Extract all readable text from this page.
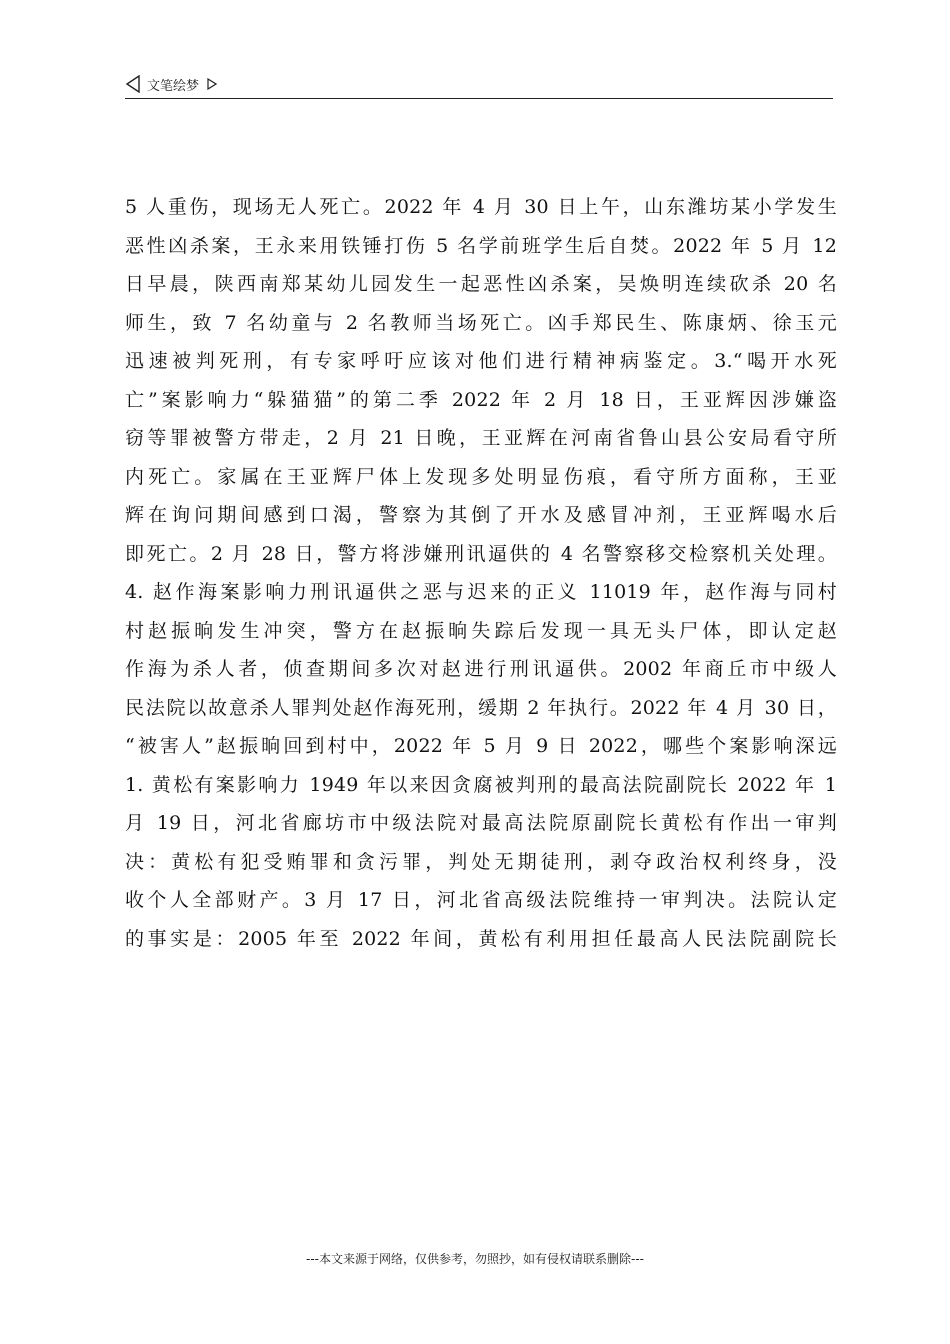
文笔绘梦
5 人重伤，现场无人死亡。2022 年 4 月 30 日上午，山东潍坊某小学发生
恶性凶杀案，王永来用铁锤打伤 5 名学前班学生后自焚。2022 年 5 月 12
日早晨，陕西南郑某幼儿园发生一起恶性凶杀案，吴焕明连续砍杀 20 名
师生，致 7 名幼童与 2 名教师当场死亡。凶手郑民生、陈康炳、徐玉元
迅速被判死刑，有专家呼吁应该对他们进行精神病鉴定。3.“喝开水死
亡”案影响力“躲猫猫”的第二季 2022 年 2 月 18 日，王亚辉因涉嫌盗
窃等罪被警方带走，2 月 21 日晚，王亚辉在河南省鲁山县公安局看守所
内死亡。家属在王亚辉尸体上发现多处明显伤痕，看守所方面称，王亚
辉在询问期间感到口渴，警察为其倒了开水及感冒冲剂，王亚辉喝水后
即死亡。2 月 28 日，警方将涉嫌刑讯逼供的 4 名警察移交检察机关处理。
4. 赵作海案影响力刑讯逼供之恶与迟来的正义 11019 年，赵作海与同村
村赵振晌发生冲突，警方在赵振晌失踪后发现一具无头尸体，即认定赵
作海为杀人者，侦查期间多次对赵进行刑讯逼供。2002 年商丘市中级人
民法院以故意杀人罪判处赵作海死刑，缓期 2 年执行。2022 年 4 月 30 日，
“被害人”赵振晌回到村中，2022 年 5 月 9 日 2022，哪些个案影响深远
1. 黄松有案影响力 1949 年以来因贪腐被判刑的最高法院副院长 2022 年 1
月 19 日，河北省廊坊市中级法院对最高法院原副院长黄松有作出一审判
决：黄松有犯受贿罪和贪污罪，判处无期徒刑，剥夺政治权利终身，没
收个人全部财产。3 月 17 日，河北省高级法院维持一审判决。法院认定
的事实是：2005 年至 2022 年间，黄松有利用担任最高人民法院副院长
---本文来源于网络，仅供参考，勿照抄，如有侵权请联系删除---
